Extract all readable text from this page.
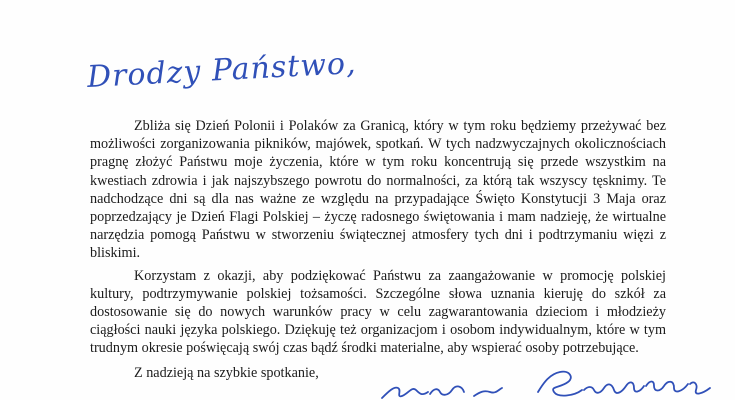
Drodzy Państwo,

Zbliża się Dzień Polonii i Polaków za Granicą, który w tym roku będziemy przeżywać bez możliwości zorganizowania pikników, majówek, spotkań. W tych nadzwyczajnych okolicznościach pragnę złożyć Państwu moje życzenia, które w tym roku koncentrują się przede wszystkim na kwestiach zdrowia i jak najszybszego powrotu do normalności, za którą tak wszyscy tęsknimy. Te nadchodzące dni są dla nas ważne ze względu na przypadające Święto Konstytucji 3 Maja oraz poprzedzający je Dzień Flagi Polskiej – życzę radosnego świętowania i mam nadzieję, że wirtualne narzędzia pomogą Państwu w stworzeniu świątecznej atmosfery tych dni i podtrzymaniu więzi z bliskimi.

Korzystam z okazji, aby podziękować Państwu za zaangażowanie w promocję polskiej kultury, podtrzymywanie polskiej tożsamości. Szczególne słowa uznania kieruję do szkół za dostosowanie się do nowych warunków pracy w celu zagwarantowania dzieciom i młodzieży ciągłości nauki języka polskiego. Dziękuję też organizacjom i osobom indywidualnym, które w tym trudnym okresie poświęcają swój czas bądź środki materialne, aby wspierać osoby potrzebujące.

Z nadzieją na szybkie spotkanie,
